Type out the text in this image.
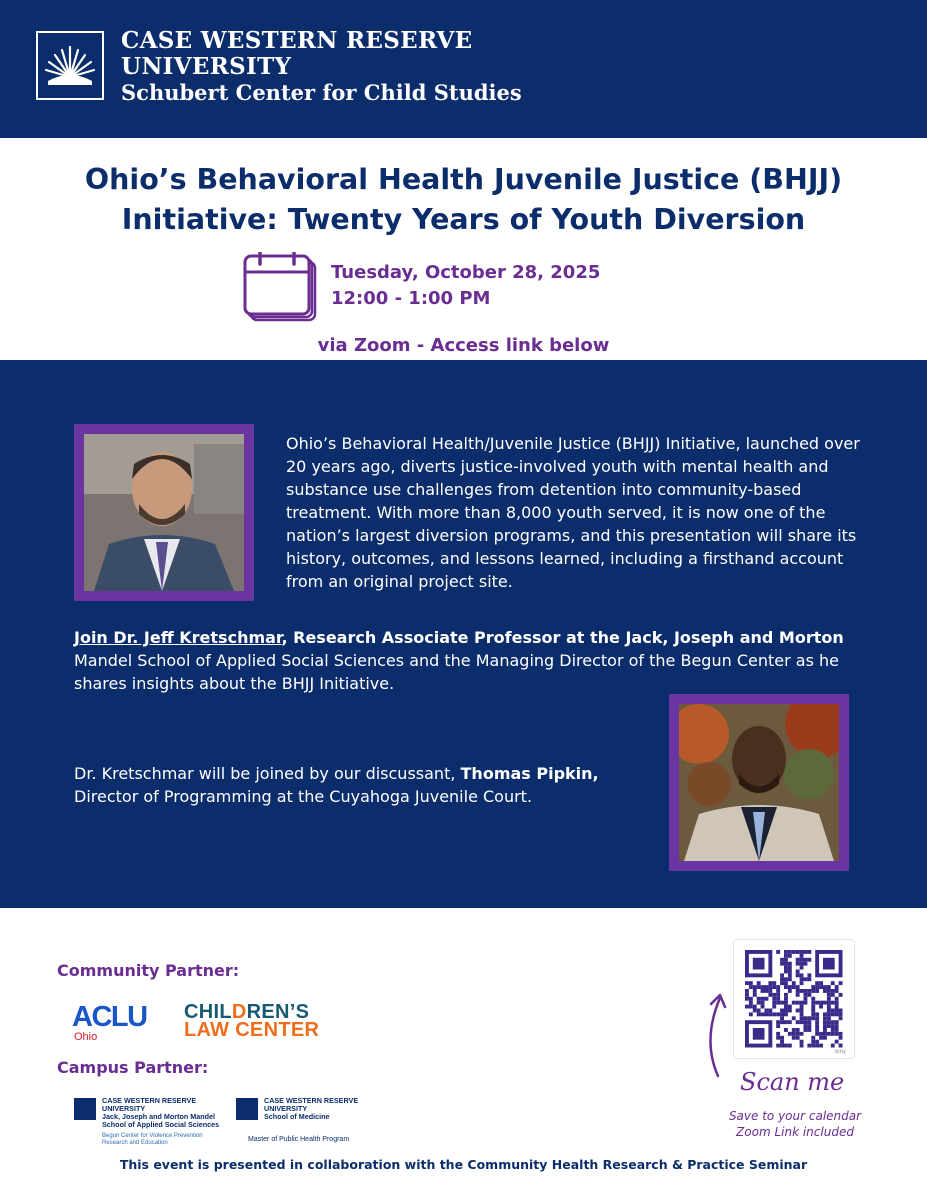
CASE WESTERN RESERVE
UNIVERSITY
Schubert Center for Child Studies
Ohio’s Behavioral Health Juvenile Justice (BHJJ)
Initiative: Twenty Years of Youth Diversion
Tuesday, October 28, 2025
12:00 - 1:00 PM
via Zoom - Access link below
Ohio’s Behavioral Health/Juvenile Justice (BHJJ) Initiative, launched over 20 years ago, diverts justice-involved youth with mental health and substance use challenges from detention into community-based treatment. With more than 8,000 youth served, it is now one of the nation’s largest diversion programs, and this presentation will share its history, outcomes, and lessons learned, including a firsthand account from an original project site.
Join Dr. Jeff Kretschmar, Research Associate Professor at the Jack, Joseph and Morton Mandel School of Applied Social Sciences and the Managing Director of the Begun Center as he shares insights about the BHJJ Initiative.
Dr. Kretschmar will be joined by our discussant, Thomas Pipkin,
Director of Programming at the Cuyahoga Juvenile Court.
Community Partner:
ACLU
Ohio
CHILDREN’S
LAW CENTER
Campus Partner:
CASE WESTERN RESERVE
UNIVERSITY
Jack, Joseph and Morton Mandel
School of Applied Social Sciences
Begun Center for Violence Prevention
Research and Education
CASE WESTERN RESERVE
UNIVERSITY
School of Medicine
Master of Public Health Program
bitly
Scan me
Save to your calendar
Zoom Link included
This event is presented in collaboration with the Community Health Research & Practice Seminar
